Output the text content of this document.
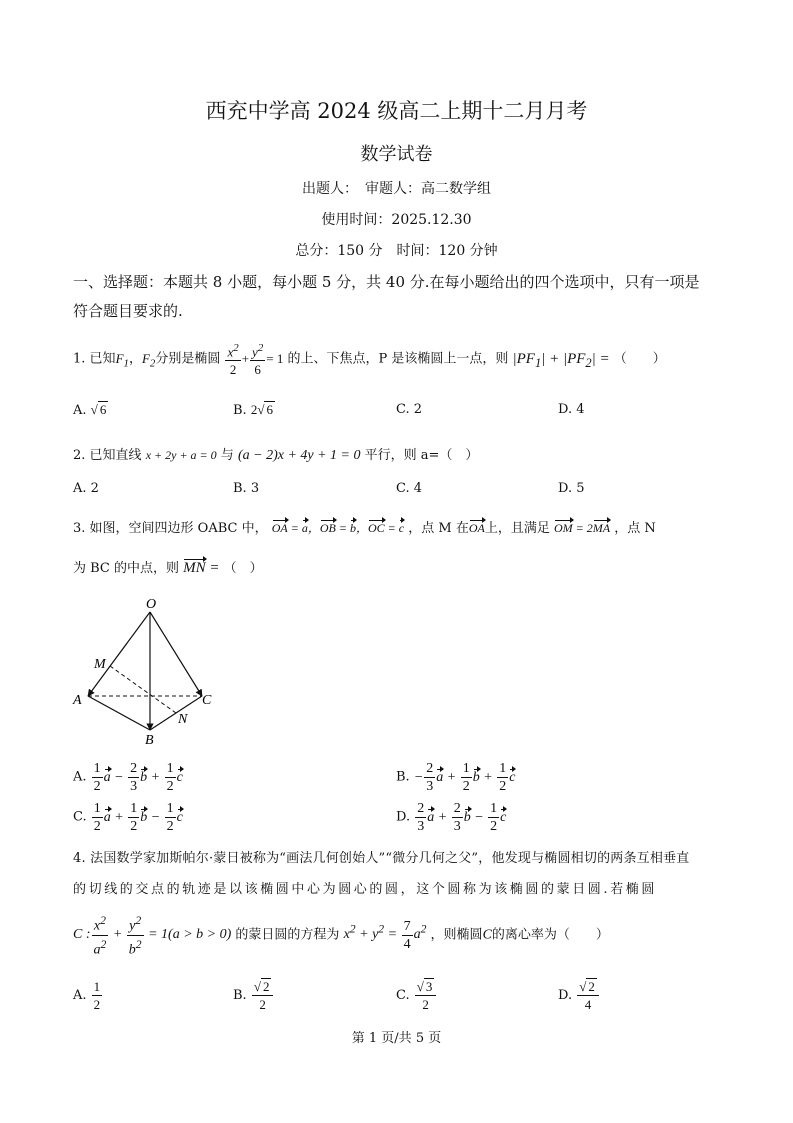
西充中学高 2024 级高二上期十二月月考
数学试卷
出题人：　审题人：高二数学组
使用时间：2025.12.30
总分：150 分　时间：120 分钟
一、选择题：本题共 8 小题，每小题 5 分，共 40 分.在每小题给出的四个选项中，只有一项是
符合题目要求的.
1. 已知$F_1$，$F_2$分别是椭圆 $\frac{x^2}{2} + \frac{y^2}{6} = 1$ 的上、下焦点，P 是该椭圆上一点，则 $|PF_1| + |PF_2|$ = （　　）
A. √ 6	B. 2√ 6	C. 2	D. 4
2. 已知直线 x + 2y + a = 0 与 (a − 2)x + 4y + 1 = 0 平行，则 a=（　）
A. 2	B. 3	C. 4	D. 5
3. 如图，空间四边形 OABC 中， OA = a，OB = b，OC = c ，点 M 在OA上，且满足 OM = 2MA ，点 N
为 BC 的中点，则 MN = （　）
O
M
A	C
N
B
A. $\frac{1}{2}$ $a - \frac{2}{3}$ $b + \frac{1}{2}$ c	B. − $\frac{2}{3}$ $a + \frac{1}{2}$ $b + \frac{1}{2}$ c
C. $\frac{1}{2}$ $a + \frac{1}{2}$ $b - \frac{1}{2}$ c	D. $\frac{2}{3}$ $a + \frac{2}{3}$ $b - \frac{1}{2}$ c
4. 法国数学家加斯帕尔·蒙日被称为“画法几何创始人”“微分几何之父”，他发现与椭圆相切的两条互相垂直
的切线的交点的轨迹是以该椭圆中心为圆心的圆，这个圆称为该椭圆的蒙日圆.若椭圆
C : $\frac{x^2}{a^2} + \frac{y^2}{b^2} = 1(a > b > 0)$ 的蒙日圆的方程为 $x^2 + y^2 = \frac{7}{4} a^2$ ，则椭圆C的离心率为（　　）
A. $\frac{1}{2}$	B. $\frac{√ 2}{2}$	C. $\frac{√ 3}{2}$	D. $\frac{√ 2}{4}$
第 1 页/共 5 页
